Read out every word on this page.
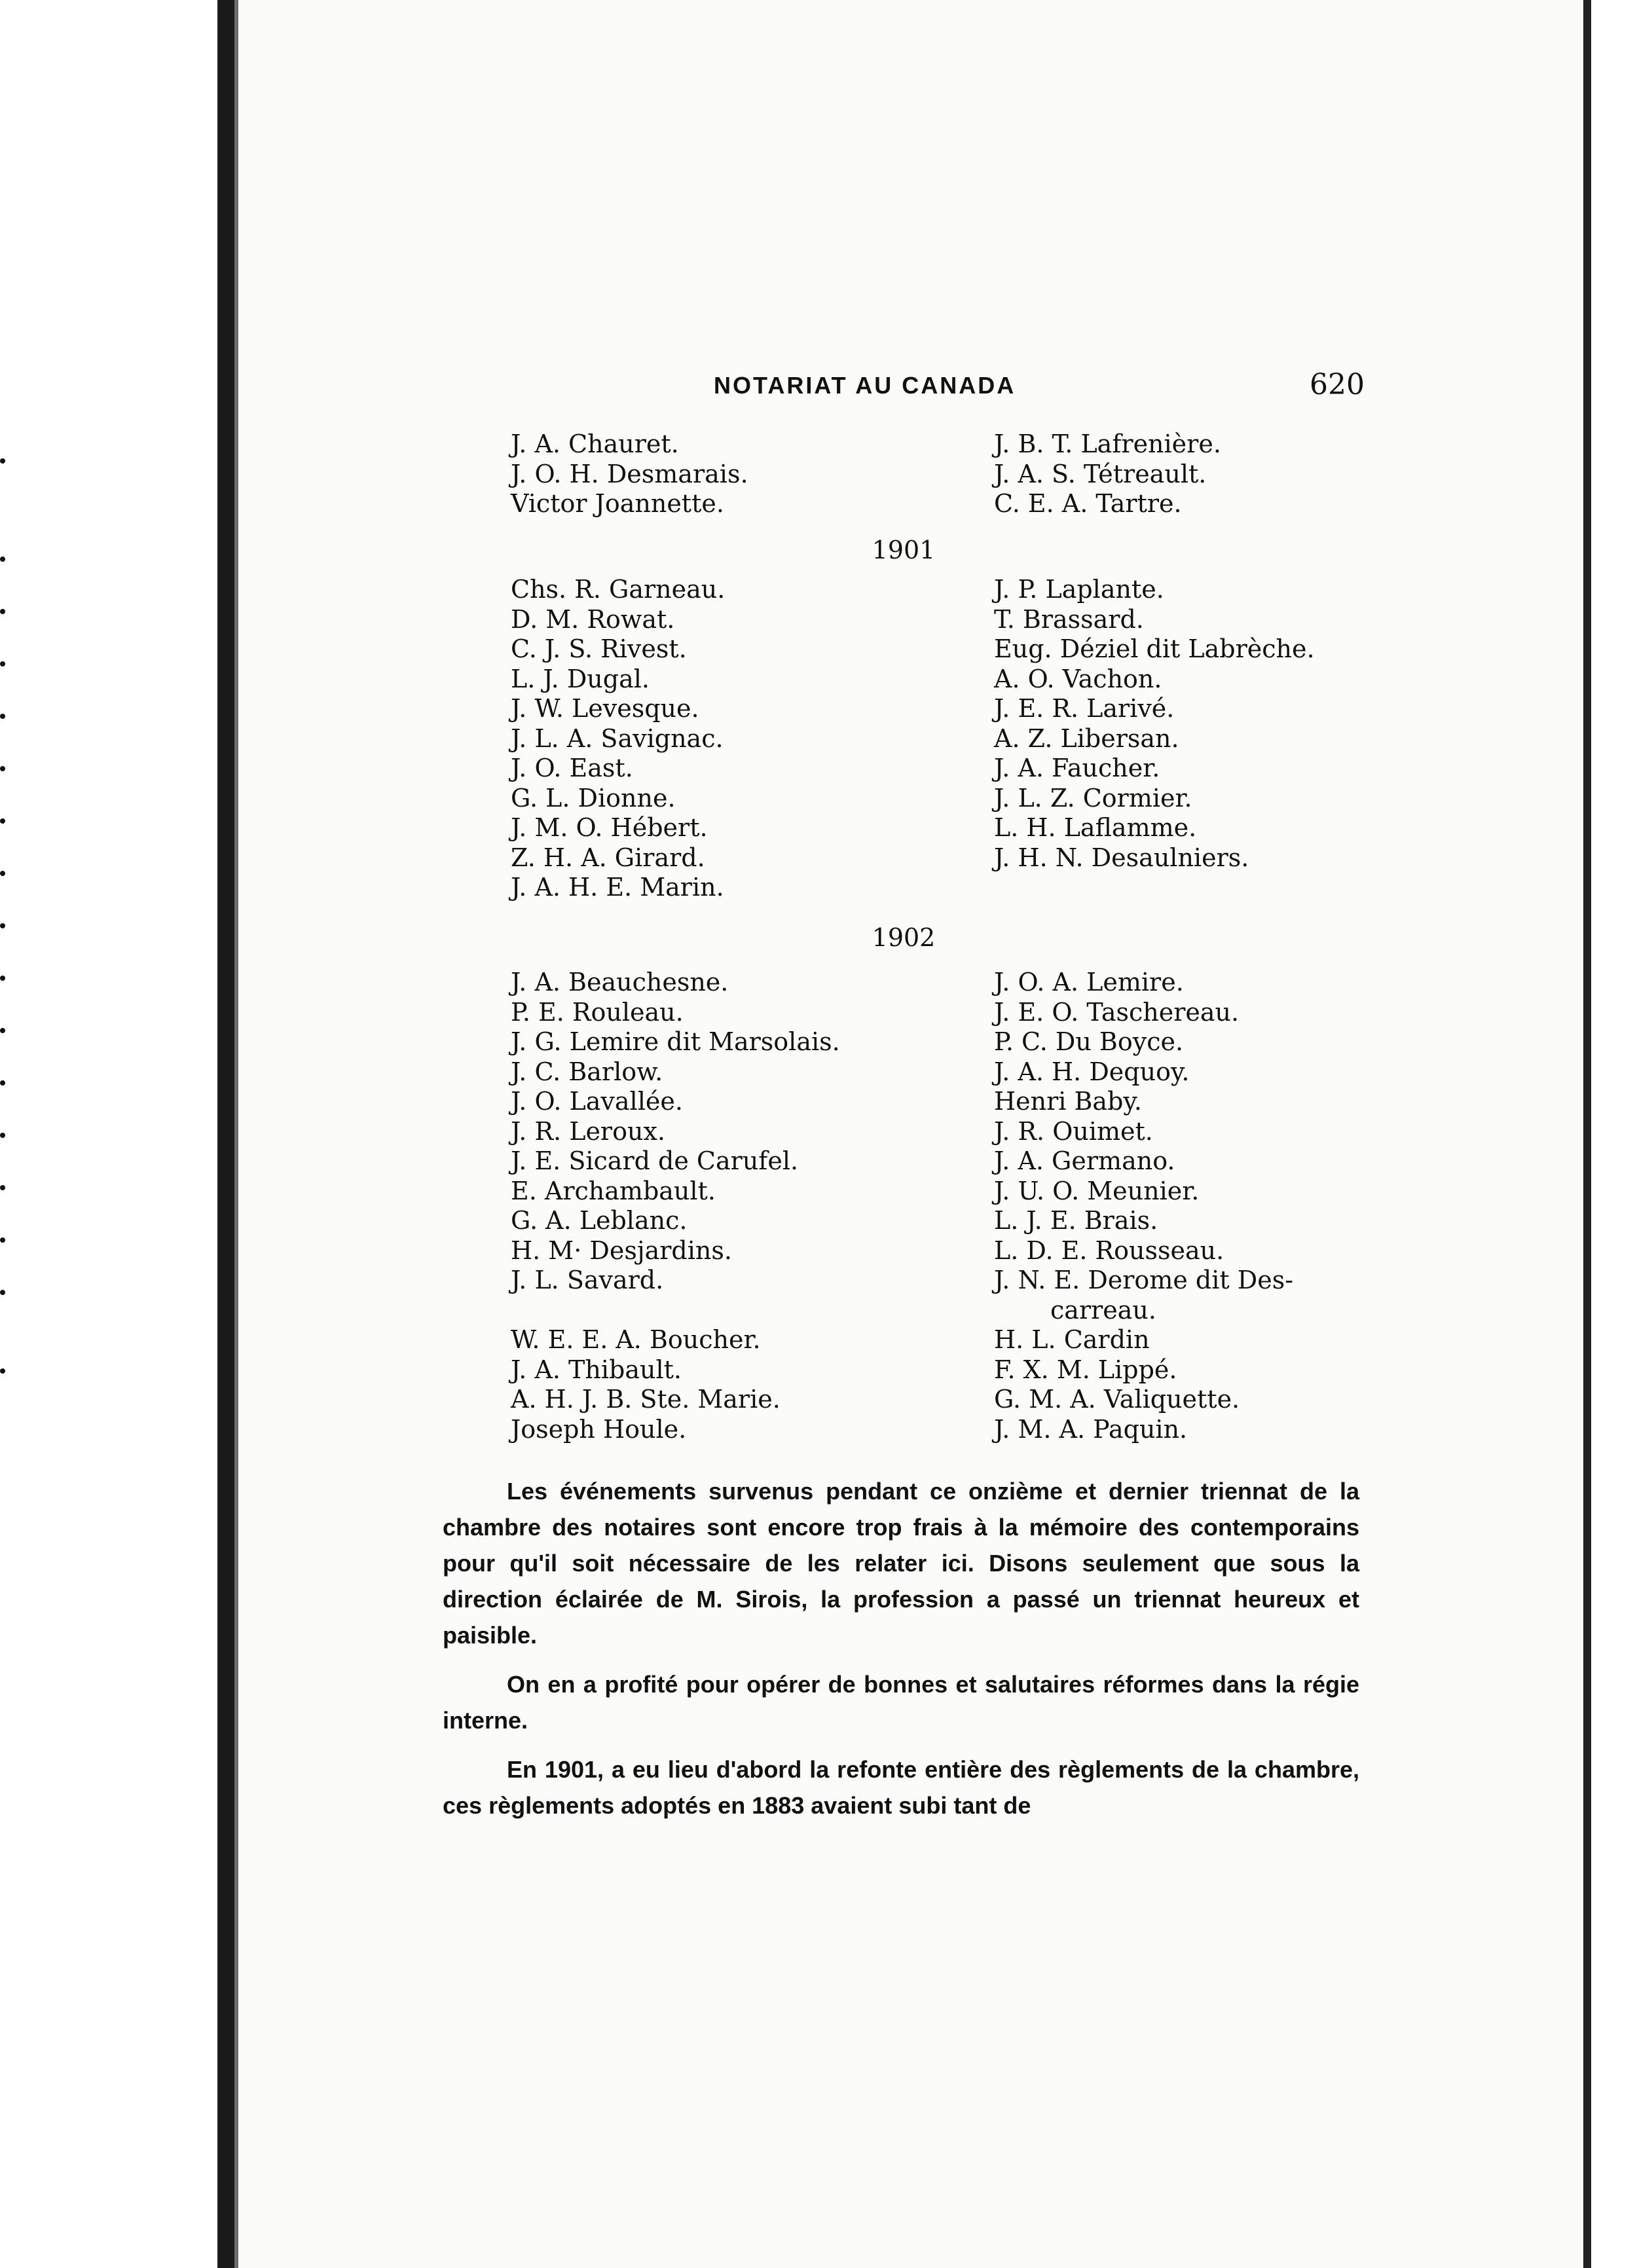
NOTARIAT AU CANADA	620
J. A. Chauret.
J. O. H. Desmarais.
Victor Joannette.
J. B. T. Lafrenière.
J. A. S. Tétreault.
C. E. A. Tartre.
1901
Chs. R. Garneau.
D. M. Rowat.
C. J. S. Rivest.
L. J. Dugal.
J. W. Levesque.
J. L. A. Savignac.
J. O. East.
G. L. Dionne.
J. M. O. Hébert.
Z. H. A. Girard.
J. A. H. E. Marin.
J. P. Laplante.
T. Brassard.
Eug. Déziel dit Labrèche.
A. O. Vachon.
J. E. R. Larivé.
A. Z. Libersan.
J. A. Faucher.
J. L. Z. Cormier.
L. H. Laflamme.
J. H. N. Desaulniers.
1902
J. A. Beauchesne.
P. E. Rouleau.
J. G. Lemire dit Marsolais.
J. C. Barlow.
J. O. Lavallée.
J. R. Leroux.
J. E. Sicard de Carufel.
E. Archambault.
G. A. Leblanc.
H. M· Desjardins.
J. L. Savard.
W. E. E. A. Boucher.
J. A. Thibault.
A. H. J. B. Ste. Marie.
Joseph Houle.
J. O. A. Lemire.
J. E. O. Taschereau.
P. C. Du Boyce.
J. A. H. Dequoy.
Henri Baby.
J. R. Ouimet.
J. A. Germano.
J. U. O. Meunier.
L. J. E. Brais.
L. D. E. Rousseau.
J. N. E. Derome dit Des-
carreau.
H. L. Cardin
F. X. M. Lippé.
G. M. A. Valiquette.
J. M. A. Paquin.
Les événements survenus pendant ce onzième et dernier triennat de la chambre des notaires sont encore trop frais à la mémoire des contemporains pour qu'il soit nécessaire de les relater ici. Disons seulement que sous la direction éclairée de M. Sirois, la profession a passé un triennat heureux et paisible.
On en a profité pour opérer de bonnes et salutaires réformes dans la régie interne.
En 1901, a eu lieu d'abord la refonte entière des règlements de la chambre, ces règlements adoptés en 1883 avaient subi tant de
